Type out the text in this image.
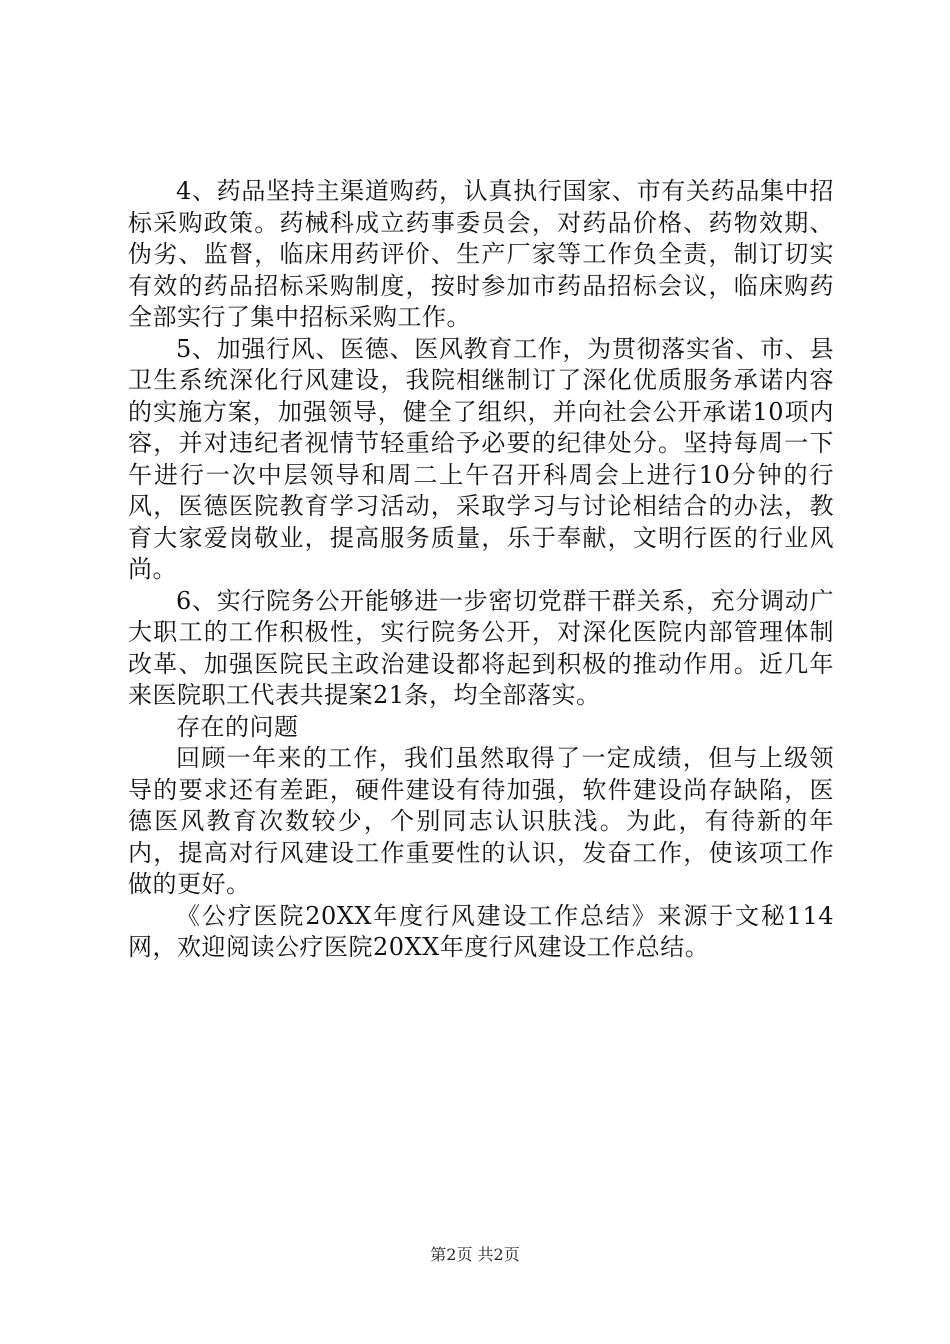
4、药品坚持主渠道购药，认真执行国家、市有关药品集中招标采购政策。药械科成立药事委员会，对药品价格、药物效期、伪劣、监督，临床用药评价、生产厂家等工作负全责，制订切实有效的药品招标采购制度，按时参加市药品招标会议，临床购药全部实行了集中招标采购工作。

5、加强行风、医德、医风教育工作，为贯彻落实省、市、县卫生系统深化行风建设，我院相继制订了深化优质服务承诺内容的实施方案，加强领导，健全了组织，并向社会公开承诺10项内容，并对违纪者视情节轻重给予必要的纪律处分。坚持每周一下午进行一次中层领导和周二上午召开科周会上进行10分钟的行风，医德医院教育学习活动，采取学习与讨论相结合的办法，教育大家爱岗敬业，提高服务质量，乐于奉献，文明行医的行业风尚。

6、实行院务公开能够进一步密切党群干群关系，充分调动广大职工的工作积极性，实行院务公开，对深化医院内部管理体制改革、加强医院民主政治建设都将起到积极的推动作用。近几年来医院职工代表共提案21条，均全部落实。

存在的问题

回顾一年来的工作，我们虽然取得了一定成绩，但与上级领导的要求还有差距，硬件建设有待加强，软件建设尚存缺陷，医德医风教育次数较少，个别同志认识肤浅。为此，有待新的年内，提高对行风建设工作重要性的认识，发奋工作，使该项工作做的更好。

《公疗医院20XX年度行风建设工作总结》来源于文秘114网，欢迎阅读公疗医院20XX年度行风建设工作总结。

第2页 共2页
